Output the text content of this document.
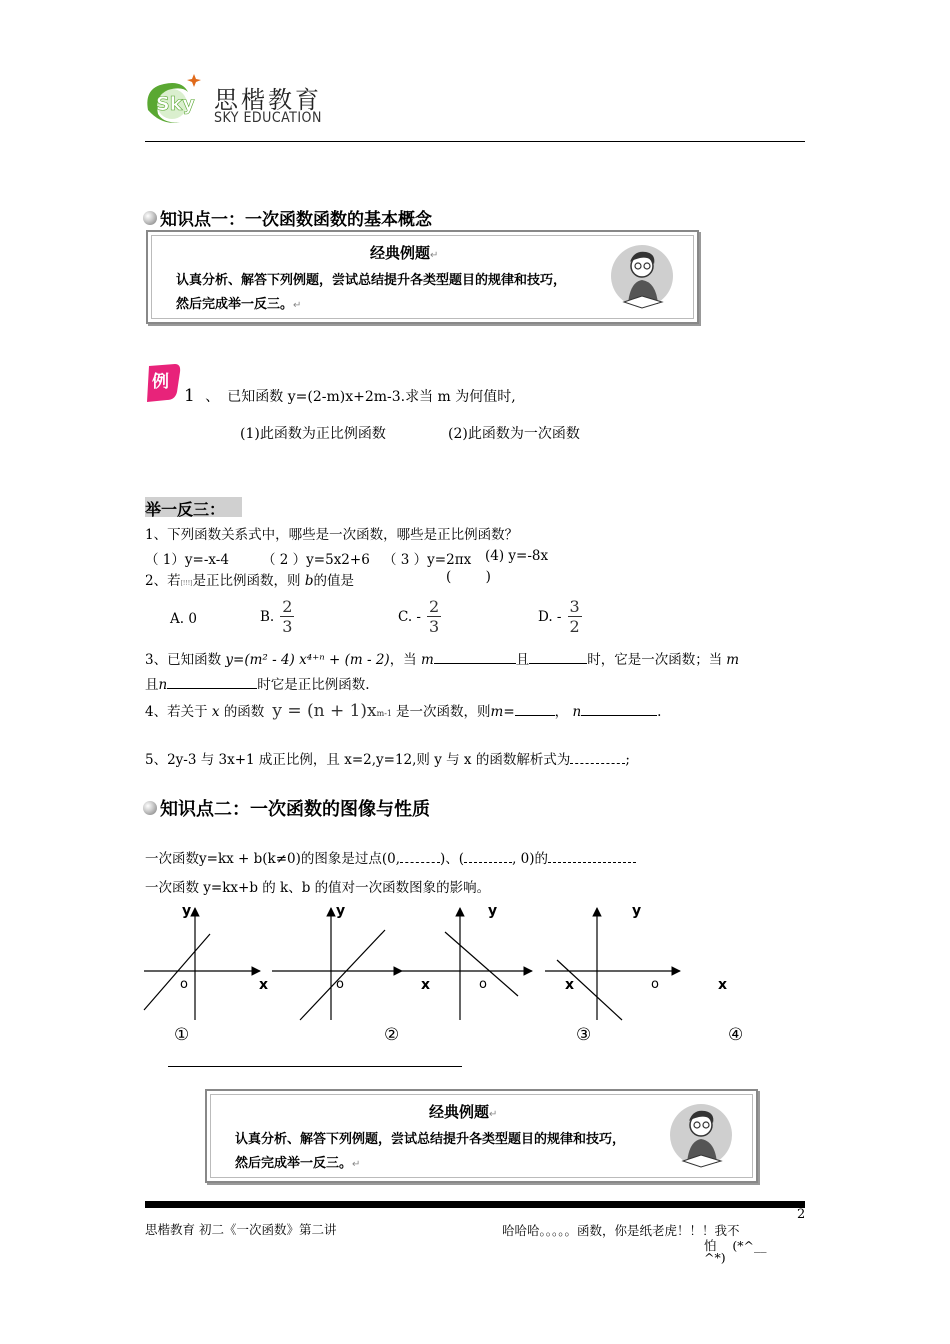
Sky 思楷教育
SKY EDUCATION
知识点一：一次函数函数的基本概念
经典例题↵
认真分析、解答下列例题，尝试总结提升各类型题目的规律和技巧，
然后完成举一反三。↵
例
1 、 已知函数 y=(2-m)x+2m-3.求当 m 为何值时,
(1)此函数为正比例函数	(2)此函数为一次函数
举一反三：
1、下列函数关系式中，哪些是一次函数，哪些是正比例函数？
（ 1）y=-x-4 （ 2 ）y=5x2+6 （ 3 ）y=2πx (4) y=-8x
2、若[!!!]是正比例函数，则 b的值是	(        )
A. 0	B. $\frac{2}{3}$	C. - $\frac{2}{3}$	D. - $\frac{3}{2}$
3、已知函数 y=(m² - 4) x⁴⁺ⁿ + (m - 2)，当 m	且	时，它是一次函数；当 m
且n	时它是正比例函数.
4、若关于
x
的函数 y = (n + 1)x m-1 是一次函数，则 m=	，
n	.
5、2y-3 与 3x+1 成正比例，且 x=2,y=12,则 y 与 x 的函数解析式为	;
知识点二：一次函数的图像与性质
一次函数y=kx + b(k≠0)的图象是过点(0,	)、(	, 0)的
一次函数 y=kx+b 的 k、b 的值对一次函数图象的影响。
y
o	x
y
o	x
y
o	x
y
o	x
①	②	③	④
经典例题↵
认真分析、解答下列例题，尝试总结提升各类型题目的规律和技巧，
然后完成举一反三。↵
2
思楷教育 初二《一次函数》第二讲	哈哈哈。。。。。函数，你是纸老虎！！！我不
怕    (*^__
^*)
